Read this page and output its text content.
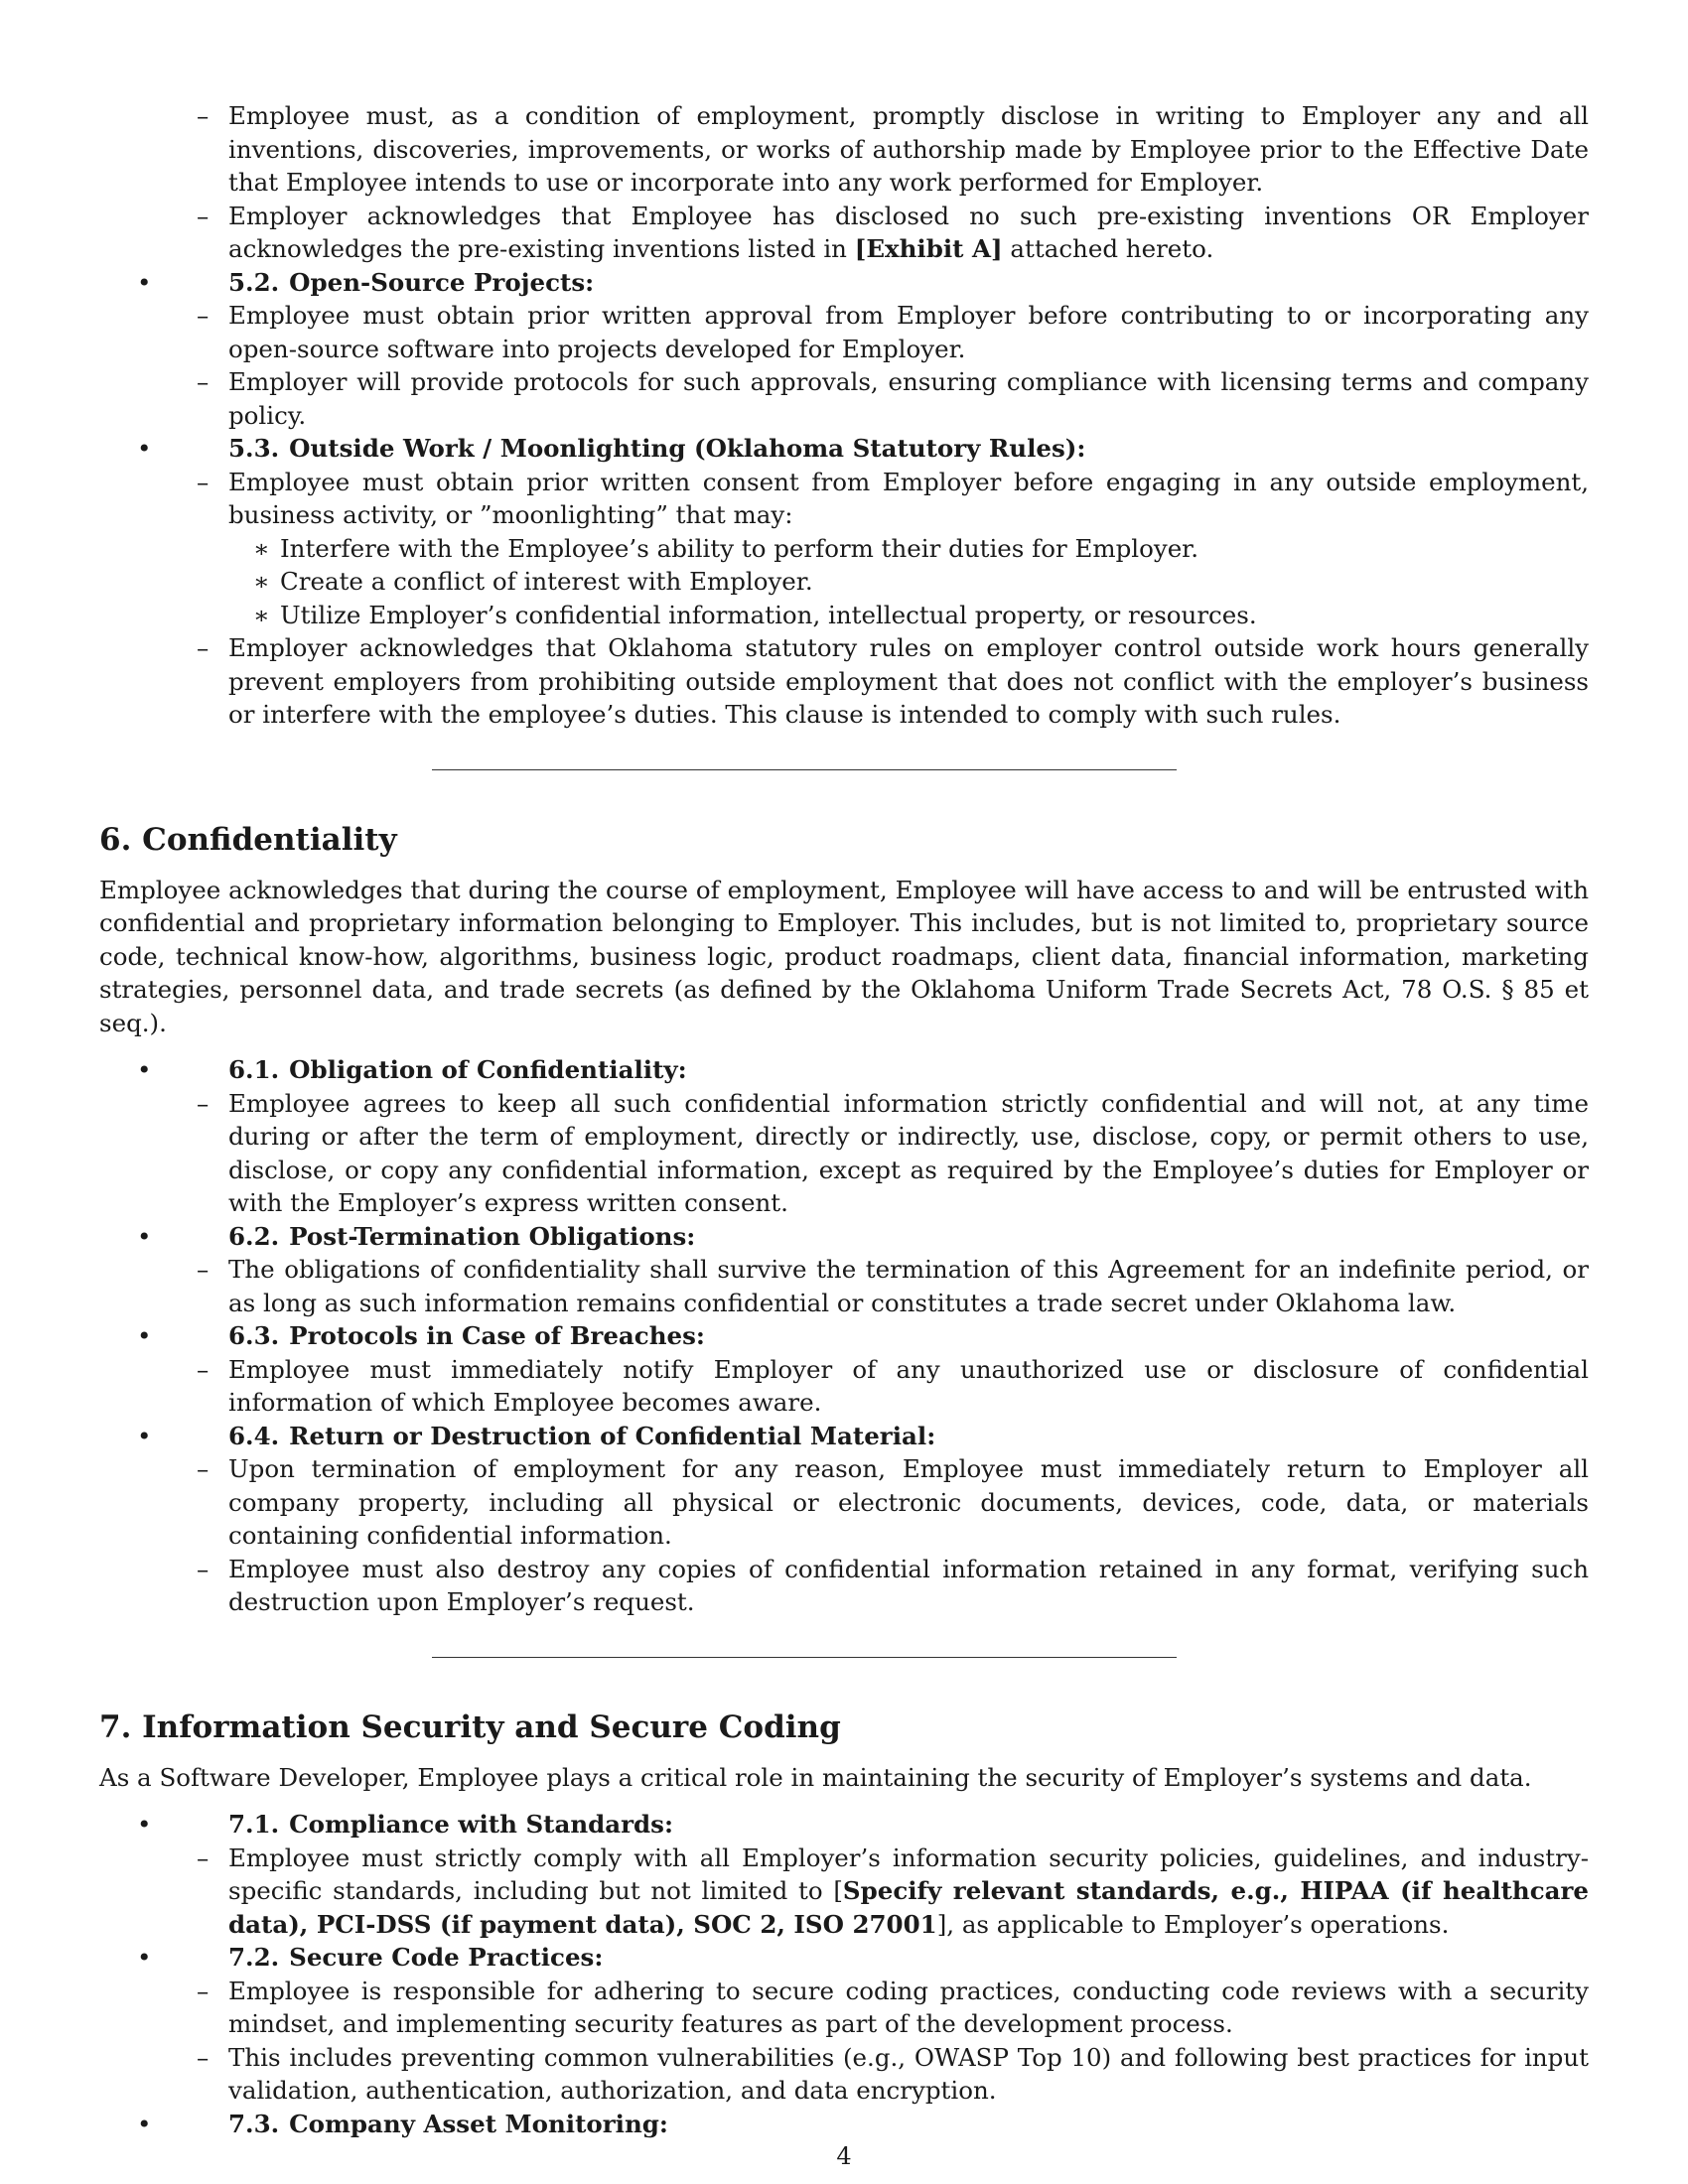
– Employee must, as a condition of employment, promptly disclose in writing to Employer any and all inventions, discoveries, improvements, or works of authorship made by Employee prior to the Effective Date that Employee intends to use or incorporate into any work performed for Employer.
– Employer acknowledges that Employee has disclosed no such pre-existing inventions OR Employer acknowledges the pre-existing inventions listed in [Exhibit A] attached hereto.
•	5.2. Open-Source Projects:
– Employee must obtain prior written approval from Employer before contributing to or incorporating any open-source software into projects developed for Employer.
– Employer will provide protocols for such approvals, ensuring compliance with licensing terms and company policy.
•	5.3. Outside Work / Moonlighting (Oklahoma Statutory Rules):
– Employee must obtain prior written consent from Employer before engaging in any outside employment, business activity, or ”moonlighting” that may:
∗ Interfere with the Employee’s ability to perform their duties for Employer.
∗ Create a conflict of interest with Employer.
∗ Utilize Employer’s confidential information, intellectual property, or resources.
– Employer acknowledges that Oklahoma statutory rules on employer control outside work hours generally prevent employers from prohibiting outside employment that does not conflict with the employer’s business or interfere with the employee’s duties. This clause is intended to comply with such rules.
6. Confidentiality
Employee acknowledges that during the course of employment, Employee will have access to and will be entrusted with confidential and proprietary information belonging to Employer. This includes, but is not limited to, proprietary source code, technical know-how, algorithms, business logic, product roadmaps, client data, financial information, marketing strategies, personnel data, and trade secrets (as defined by the Oklahoma Uniform Trade Secrets Act, 78 O.S. § 85 et seq.).
•	6.1. Obligation of Confidentiality:
– Employee agrees to keep all such confidential information strictly confidential and will not, at any time during or after the term of employment, directly or indirectly, use, disclose, copy, or permit others to use, disclose, or copy any confidential information, except as required by the Employee’s duties for Employer or with the Employer’s express written consent.
•	6.2. Post-Termination Obligations:
– The obligations of confidentiality shall survive the termination of this Agreement for an indefinite period, or as long as such information remains confidential or constitutes a trade secret under Oklahoma law.
•	6.3. Protocols in Case of Breaches:
– Employee must immediately notify Employer of any unauthorized use or disclosure of confidential information of which Employee becomes aware.
•	6.4. Return or Destruction of Confidential Material:
– Upon termination of employment for any reason, Employee must immediately return to Employer all company property, including all physical or electronic documents, devices, code, data, or materials containing confidential information.
– Employee must also destroy any copies of confidential information retained in any format, verifying such destruction upon Employer’s request.
7. Information Security and Secure Coding
As a Software Developer, Employee plays a critical role in maintaining the security of Employer’s systems and data.
•	7.1. Compliance with Standards:
– Employee must strictly comply with all Employer’s information security policies, guidelines, and industry-specific standards, including but not limited to [Specify relevant standards, e.g., HIPAA (if healthcare data), PCI-DSS (if payment data), SOC 2, ISO 27001], as applicable to Employer’s operations.
•	7.2. Secure Code Practices:
– Employee is responsible for adhering to secure coding practices, conducting code reviews with a security mindset, and implementing security features as part of the development process.
– This includes preventing common vulnerabilities (e.g., OWASP Top 10) and following best practices for input validation, authentication, authorization, and data encryption.
•	7.3. Company Asset Monitoring:
4
